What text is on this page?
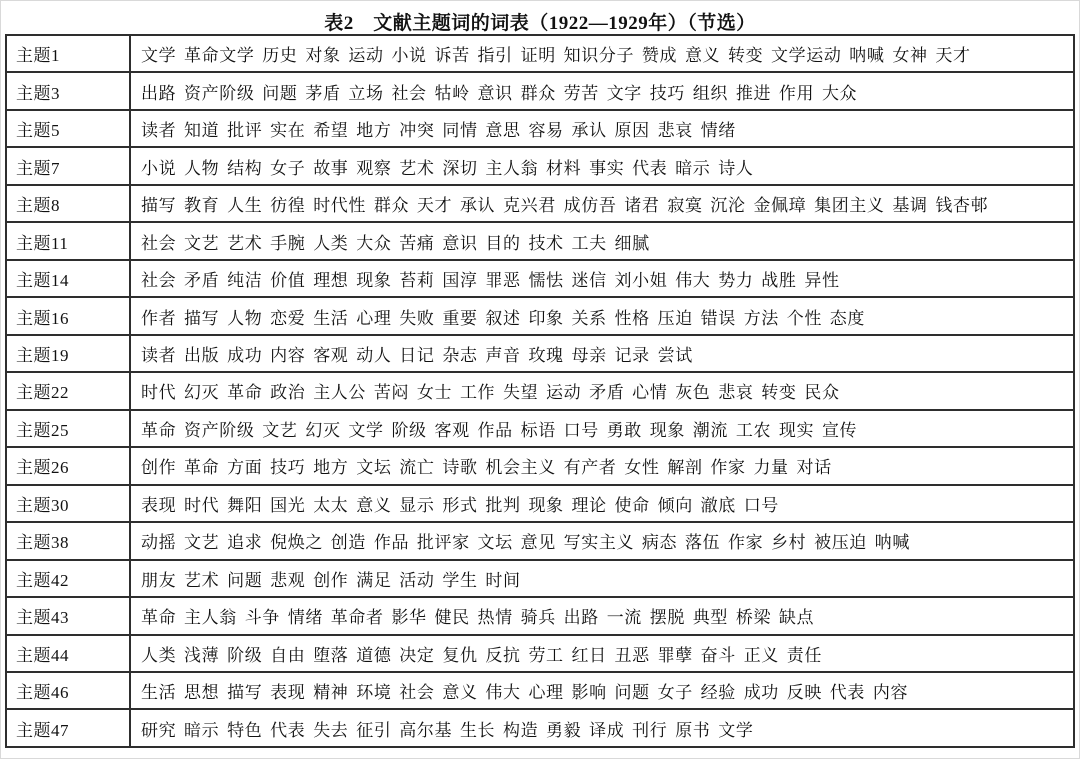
表2　文献主题词的词表（1922—1929年）（节选）
主题1	文学 革命文学 历史 对象 运动 小说 诉苦 指引 证明 知识分子 赞成 意义 转变 文学运动 呐喊 女神 天才
主题3	出路 资产阶级 问题 茅盾 立场 社会 牯岭 意识 群众 劳苦 文字 技巧 组织 推进 作用 大众
主题5	读者 知道 批评 实在 希望 地方 冲突 同情 意思 容易 承认 原因 悲哀 情绪
主题7	小说 人物 结构 女子 故事 观察 艺术 深切 主人翁 材料 事实 代表 暗示 诗人
主题8	描写 教育 人生 彷徨 时代性 群众 天才 承认 克兴君 成仿吾 诸君 寂寞 沉沦 金佩璋 集团主义 基调 钱杏邨
主题11	社会 文艺 艺术 手腕 人类 大众 苦痛 意识 目的 技术 工夫 细腻
主题14	社会 矛盾 纯洁 价值 理想 现象 苔莉 国淳 罪恶 懦怯 迷信 刘小姐 伟大 势力 战胜 异性
主题16	作者 描写 人物 恋爱 生活 心理 失败 重要 叙述 印象 关系 性格 压迫 错误 方法 个性 态度
主题19	读者 出版 成功 内容 客观 动人 日记 杂志 声音 玫瑰 母亲 记录 尝试
主题22	时代 幻灭 革命 政治 主人公 苦闷 女士 工作 失望 运动 矛盾 心情 灰色 悲哀 转变 民众
主题25	革命 资产阶级 文艺 幻灭 文学 阶级 客观 作品 标语 口号 勇敢 现象 潮流 工农 现实 宣传
主题26	创作 革命 方面 技巧 地方 文坛 流亡 诗歌 机会主义 有产者 女性 解剖 作家 力量 对话
主题30	表现 时代 舞阳 国光 太太 意义 显示 形式 批判 现象 理论 使命 倾向 澈底 口号
主题38	动摇 文艺 追求 倪焕之 创造 作品 批评家 文坛 意见 写实主义 病态 落伍 作家 乡村 被压迫 呐喊
主题42	朋友 艺术 问题 悲观 创作 满足 活动 学生 时间
主题43	革命 主人翁 斗争 情绪 革命者 影华 健民 热情 骑兵 出路 一流 摆脱 典型 桥梁 缺点
主题44	人类 浅薄 阶级 自由 堕落 道德 决定 复仇 反抗 劳工 红日 丑恶 罪孽 奋斗 正义 责任
主题46	生活 思想 描写 表现 精神 环境 社会 意义 伟大 心理 影响 问题 女子 经验 成功 反映 代表 内容
主题47	研究 暗示 特色 代表 失去 征引 高尔基 生长 构造 勇毅 译成 刊行 原书 文学
